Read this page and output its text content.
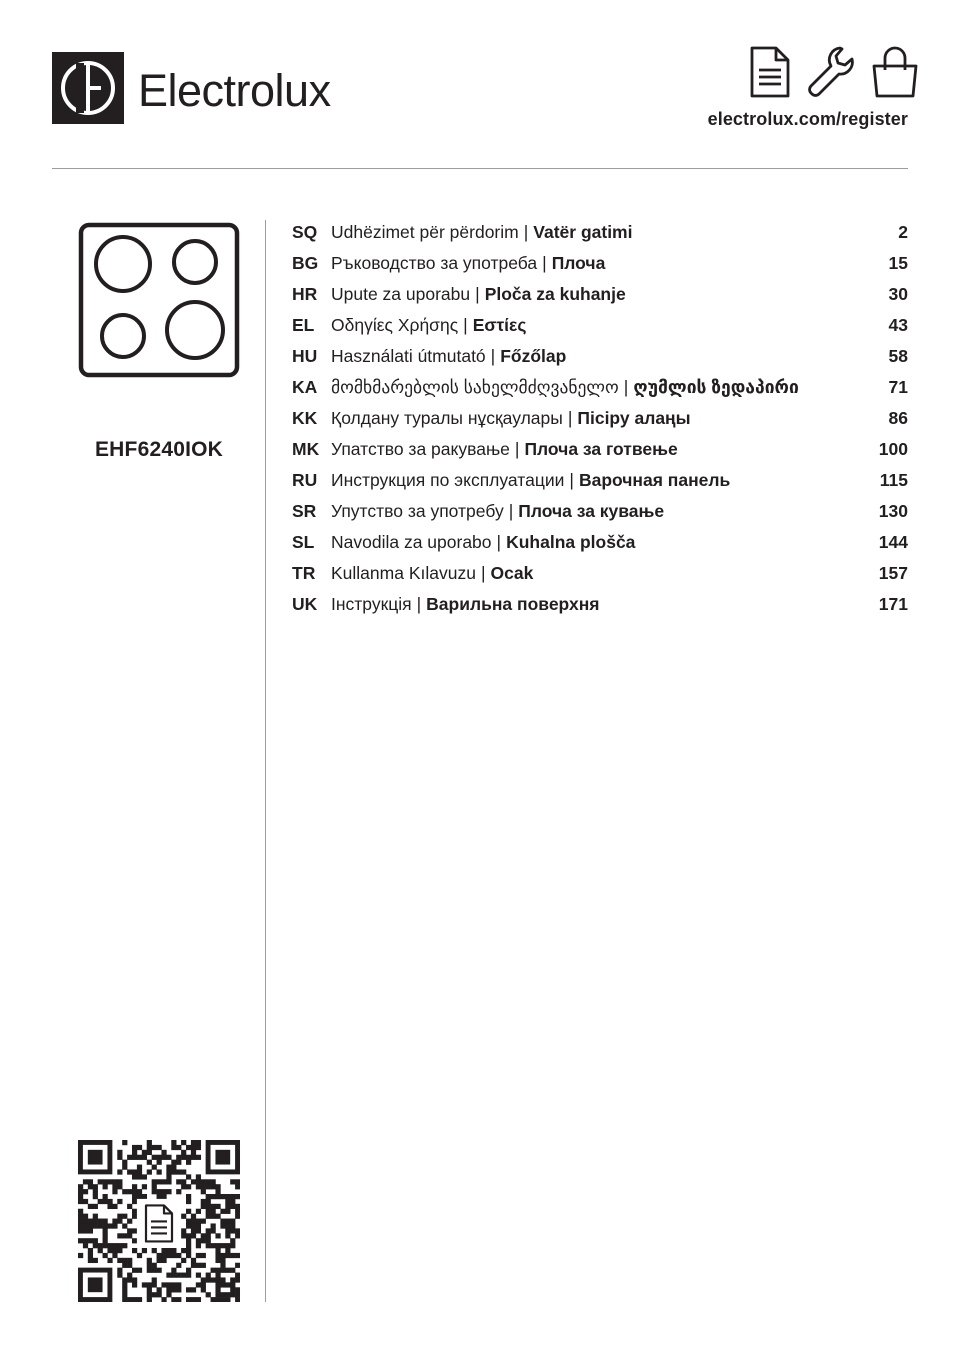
Electrolux
electrolux.com/register
EHF6240IOK
SQ Udhëzimet për përdorim | Vatër gatimi	2
BG Ръководство за употреба | Плоча	15
HR Upute za uporabu | Ploča za kuhanje	30
EL Οδηγίες Χρήσης | Εστίες	43
HU Használati útmutató | Főzőlap	58
KA მომხმარებლის სახელმძღვანელო | ღუმლის ზედაპირი	71
KK Қолдану туралы нұсқаулары | Пісіру алаңы	86
MK Упатство за ракување | Плоча за готвење	100
RU Инструкция по эксплуатации | Варочная панель	115
SR Упутство за употребу | Плоча за кување	130
SL Navodila za uporabo | Kuhalna plošča	144
TR Kullanma Kılavuzu | Ocak	157
UK Інструкція | Варильна поверхня	171
